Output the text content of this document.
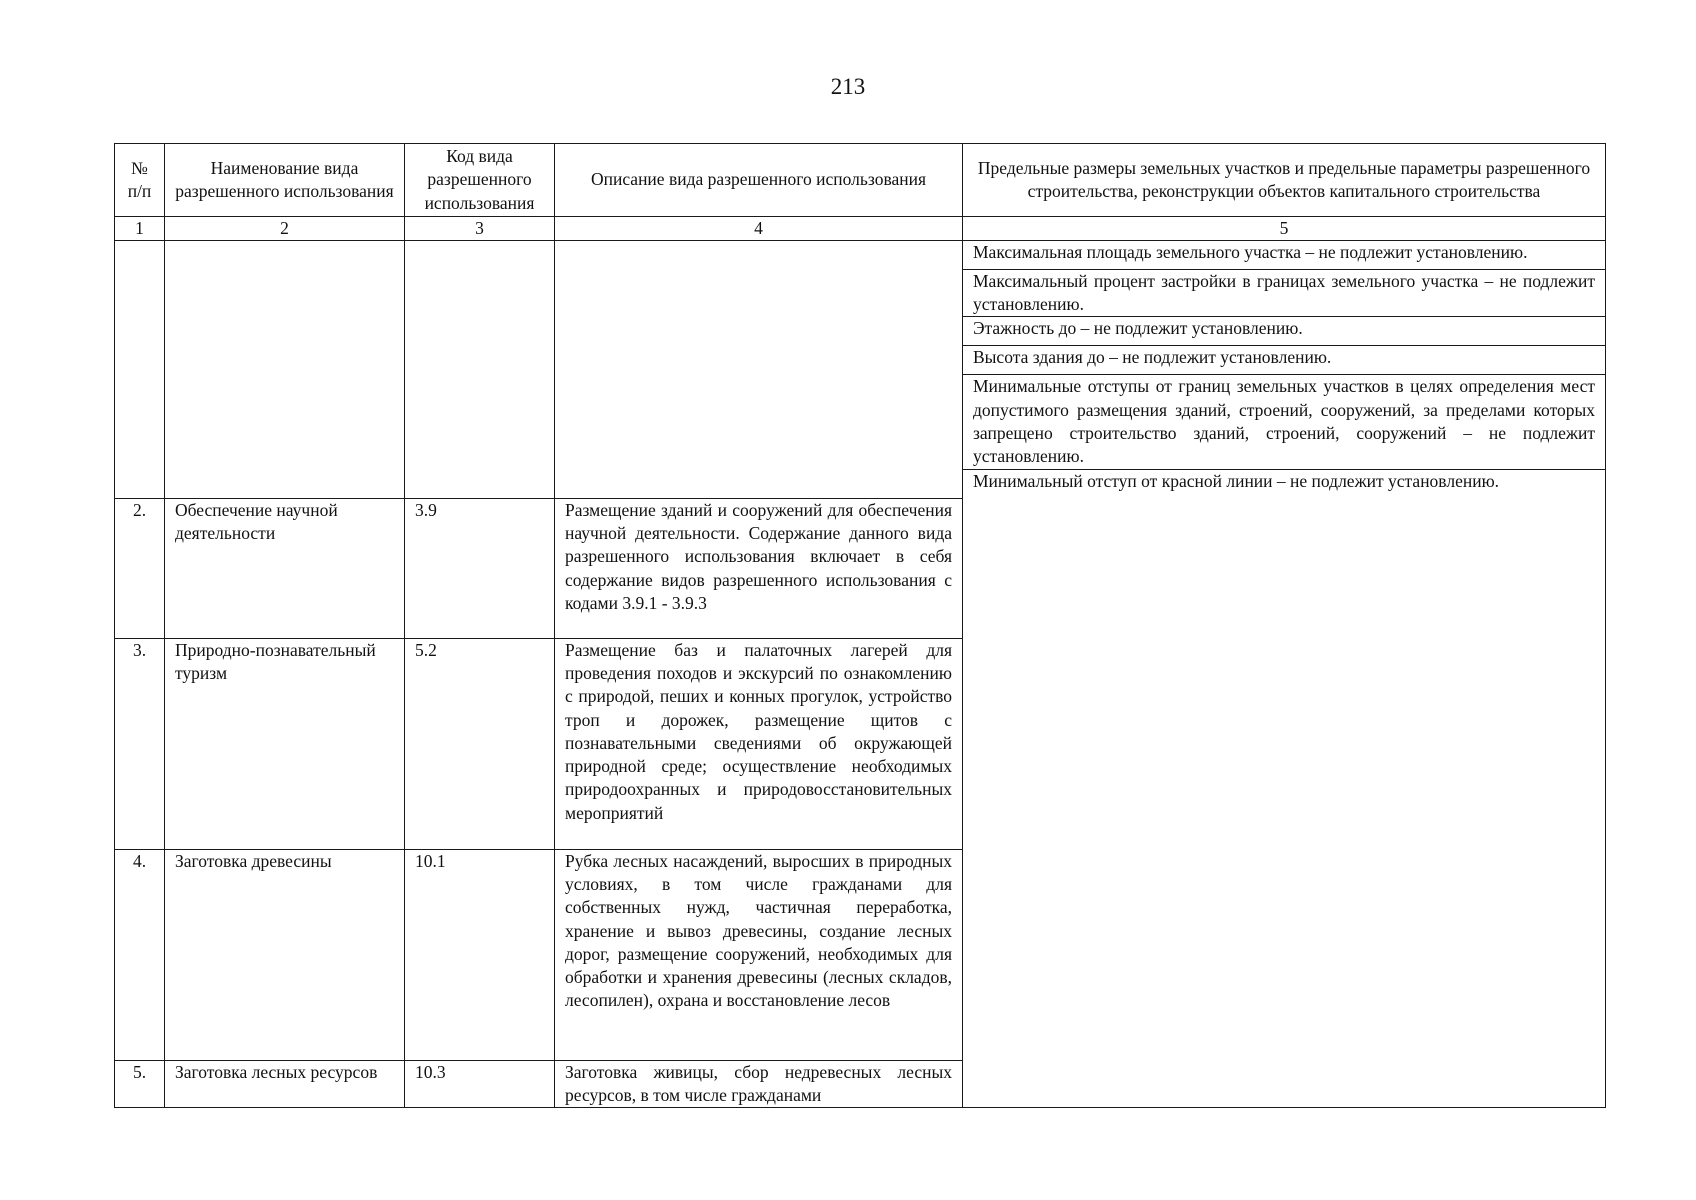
213
№
п/п	Наименование вида разрешенного использования	Код вида разрешенного использования	Описание вида разрешенного использования	Предельные размеры земельных участков и предельные параметры разрешенного строительства, реконструкции объектов капитального строительства
1	2	3	4	5
				Максимальная площадь земельного участка – не подлежит установлению.
				Максимальный процент застройки в границах земельного участка – не подлежит установлению.
				Этажность до – не подлежит установлению.
				Высота здания до – не подлежит установлению.
				Минимальные отступы от границ земельных участков в целях определения мест допустимого размещения зданий, строений, сооружений, за пределами которых запрещено строительство зданий, строений, сооружений – не подлежит установлению.
				Минимальный отступ от красной линии – не подлежит установлению.
2.	Обеспечение научной деятельности	3.9	Размещение зданий и сооружений для обеспечения научной деятельности. Содержание данного вида разрешенного использования включает в себя содержание видов разрешенного использования с кодами 3.9.1 - 3.9.3	
3.	Природно-познавательный туризм	5.2	Размещение баз и палаточных лагерей для проведения походов и экскурсий по ознакомлению с природой, пеших и конных прогулок, устройство троп и дорожек, размещение щитов с познавательными сведениями об окружающей природной среде; осуществление необходимых природоохранных и природовосстановительных мероприятий	
4.	Заготовка древесины	10.1	Рубка лесных насаждений, выросших в природных условиях, в том числе гражданами для собственных нужд, частичная переработка, хранение и вывоз древесины, создание лесных дорог, размещение сооружений, необходимых для обработки и хранения древесины (лесных складов, лесопилен), охрана и восстановление лесов	
5.	Заготовка лесных ресурсов	10.3	Заготовка живицы, сбор недревесных лесных ресурсов, в том числе гражданами	
